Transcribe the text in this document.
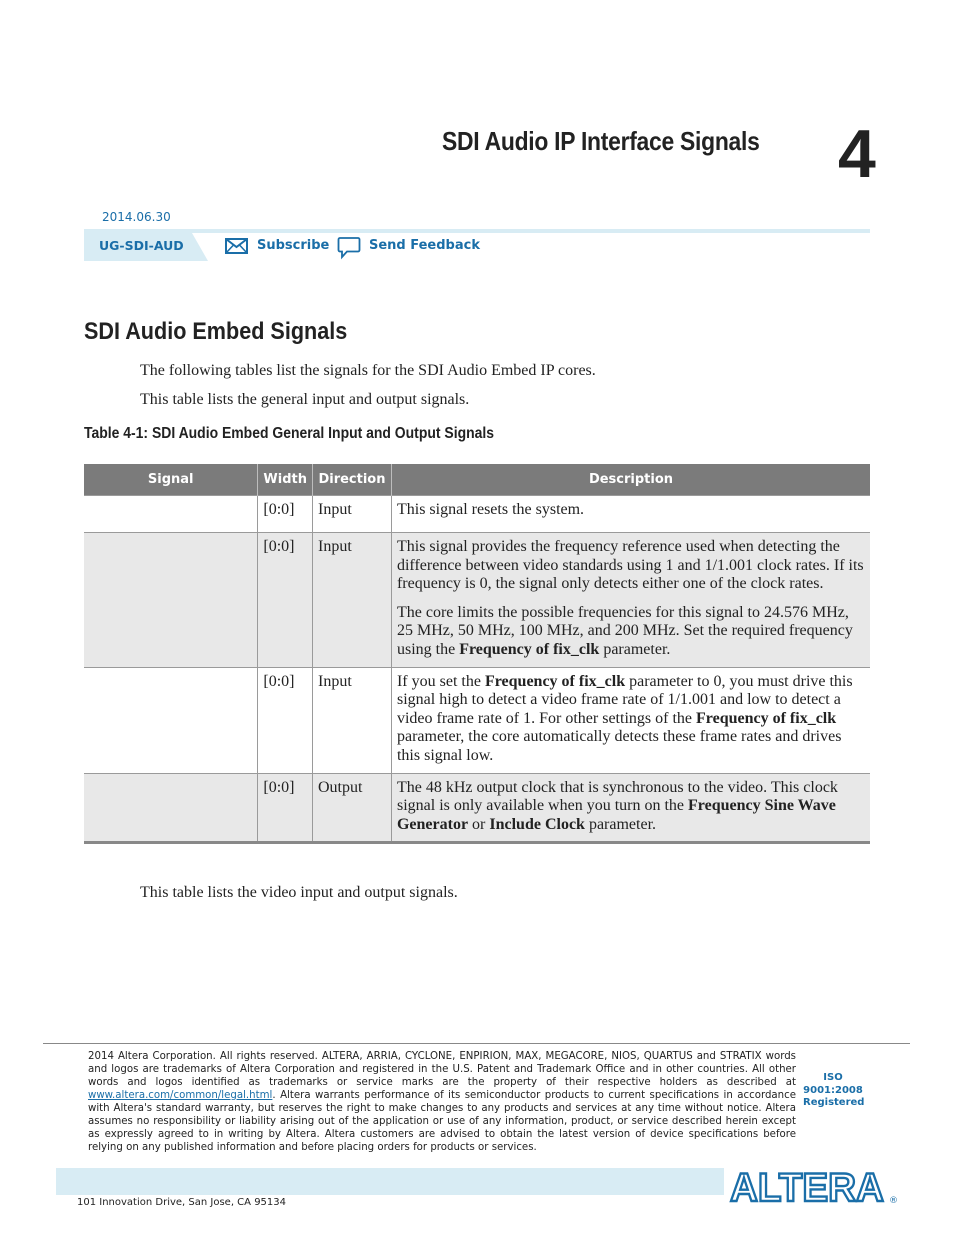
SDI Audio IP Interface Signals 4
2014.06.30
UG-SDI-AUD	Subscribe	Send Feedback
SDI Audio Embed Signals
The following tables list the signals for the SDI Audio Embed IP cores.
This table lists the general input and output signals.
Table 4-1: SDI Audio Embed General Input and Output Signals
Signal	Width	Direction	Description
	[0:0]	Input	This signal resets the system.

	[0:0]	Input	This signal provides the frequency reference used when detecting the difference between video standards using 1 and 1/1.001 clock rates. If its frequency is 0, the signal only detects either one of the clock rates.

The core limits the possible frequencies for this signal to 24.576 MHz, 25 MHz, 50 MHz, 100 MHz, and 200 MHz. Set the required frequency using the Frequency of fix_clk parameter.

	[0:0]	Input	If you set the Frequency of fix_clk parameter to 0, you must drive this signal high to detect a video frame rate of 1/1.001 and low to detect a video frame rate of 1. For other settings of the Frequency of fix_clk parameter, the core automatically detects these frame rates and drives this signal low.

	[0:0]	Output	The 48 kHz output clock that is synchronous to the video. This clock signal is only available when you turn on the Frequency Sine Wave Generator or Include Clock parameter.

This table lists the video input and output signals.
2014 Altera Corporation. All rights reserved. ALTERA, ARRIA, CYCLONE, ENPIRION, MAX, MEGACORE, NIOS, QUARTUS and STRATIX words and logos are trademarks of Altera Corporation and registered in the U.S. Patent and Trademark Office and in other countries. All other words and logos identified as trademarks or service marks are the property of their respective holders as described at www.altera.com/common/legal.html. Altera warrants performance of its semiconductor products to current specifications in accordance with Altera's standard warranty, but reserves the right to make changes to any products and services at any time without notice. Altera assumes no responsibility or liability arising out of the application or use of any information, product, or service described herein except as expressly agreed to in writing by Altera. Altera customers are advised to obtain the latest version of device specifications before relying on any published information and before placing orders for products or services.
ISO
9001:2008
Registered
101 Innovation Drive, San Jose, CA 95134	ALTERA ®
